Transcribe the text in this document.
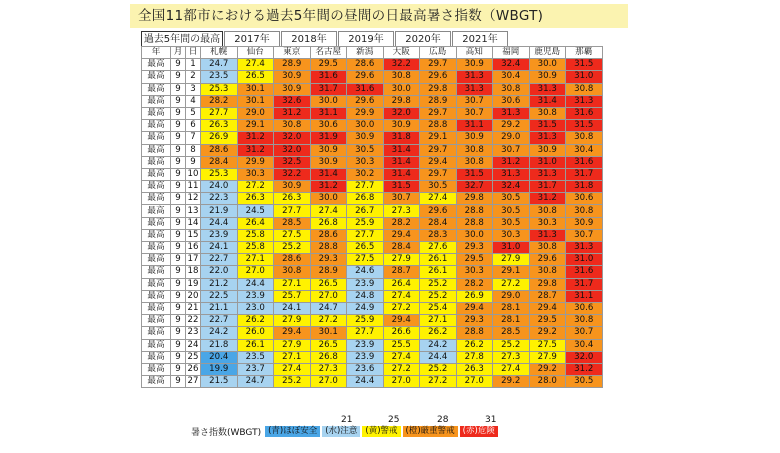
全国11都市における過去5年間の昼間の日最高暑さ指数（WBGT)
過去5年間の最高	2017年	2018年	2019年	2020年	2021年
年	月	日	札幌	仙台	東京	名古屋	新潟	大阪	広島	高知	福岡	鹿児島	那覇
最高	9	1	24.7	27.4	28.9	29.5	28.6	32.2	29.7	30.9	32.4	30.0	31.5
最高	9	2	23.5	26.5	30.9	31.6	29.6	30.8	29.6	31.3	30.4	30.9	31.0
最高	9	3	25.3	30.1	30.9	31.7	31.6	30.0	29.8	31.3	30.8	31.3	30.8
最高	9	4	28.2	30.1	32.6	30.0	29.6	29.8	28.9	30.7	30.6	31.4	31.3
最高	9	5	27.7	29.0	31.2	31.1	29.9	32.0	29.7	30.7	31.3	30.8	31.6
最高	9	6	26.3	29.1	30.8	30.6	30.0	30.9	28.8	31.1	29.2	31.5	31.5
最高	9	7	26.9	31.2	32.0	31.9	30.9	31.8	29.1	30.9	29.0	31.3	30.8
最高	9	8	28.6	31.2	32.0	30.9	30.5	31.4	29.7	30.8	30.7	30.9	30.4
最高	9	9	28.4	29.9	32.5	30.9	30.3	31.4	29.4	30.8	31.2	31.0	31.6
最高	9	10	25.3	30.3	32.2	31.4	30.2	31.4	29.7	31.5	31.3	31.3	31.7
最高	9	11	24.0	27.2	30.9	31.2	27.7	31.5	30.5	32.7	32.4	31.7	31.8
最高	9	12	22.3	26.3	26.3	30.0	26.8	30.7	27.4	29.8	30.5	31.2	30.6
最高	9	13	21.9	24.5	27.7	27.4	26.7	27.3	29.6	28.8	30.5	30.8	30.8
最高	9	14	24.4	26.4	28.5	26.8	25.9	28.2	28.4	28.8	30.5	30.3	30.9
最高	9	15	23.9	25.8	27.5	28.6	27.7	29.4	28.3	30.0	30.3	31.3	30.7
最高	9	16	24.1	25.8	25.2	28.8	26.5	28.4	27.6	29.3	31.0	30.8	31.3
最高	9	17	22.7	27.1	28.6	29.3	27.5	27.9	26.1	29.5	27.9	29.6	31.0
最高	9	18	22.0	27.0	30.8	28.9	24.6	28.7	26.1	30.3	29.1	30.8	31.6
最高	9	19	21.2	24.4	27.1	26.5	23.9	26.4	25.2	28.2	27.2	29.8	31.7
最高	9	20	22.5	23.9	25.7	27.0	24.8	27.4	25.2	26.9	29.0	28.7	31.1
最高	9	21	21.1	23.0	24.1	24.7	24.9	27.2	25.4	29.4	28.1	29.4	30.6
最高	9	22	22.7	26.2	27.9	27.2	25.9	29.4	27.1	29.3	28.1	29.5	30.8
最高	9	23	24.2	26.0	29.4	30.1	27.7	26.6	26.2	28.8	28.5	29.2	30.7
最高	9	24	21.8	26.1	27.9	26.5	23.9	25.5	24.2	26.2	25.2	27.5	30.4
最高	9	25	20.4	23.5	27.1	26.8	23.9	27.4	24.4	27.8	27.3	27.9	32.0
最高	9	26	19.9	23.7	27.4	27.3	23.6	27.2	25.2	26.3	27.4	29.2	31.2
最高	9	27	21.5	24.7	25.2	27.0	24.4	27.0	27.2	27.0	29.2	28.0	30.5
21	25	28	31
暑さ指数(WBGT) (青)ほぼ安全 (水)注意 (黄)警戒 (橙)厳重警戒 (赤)危険
